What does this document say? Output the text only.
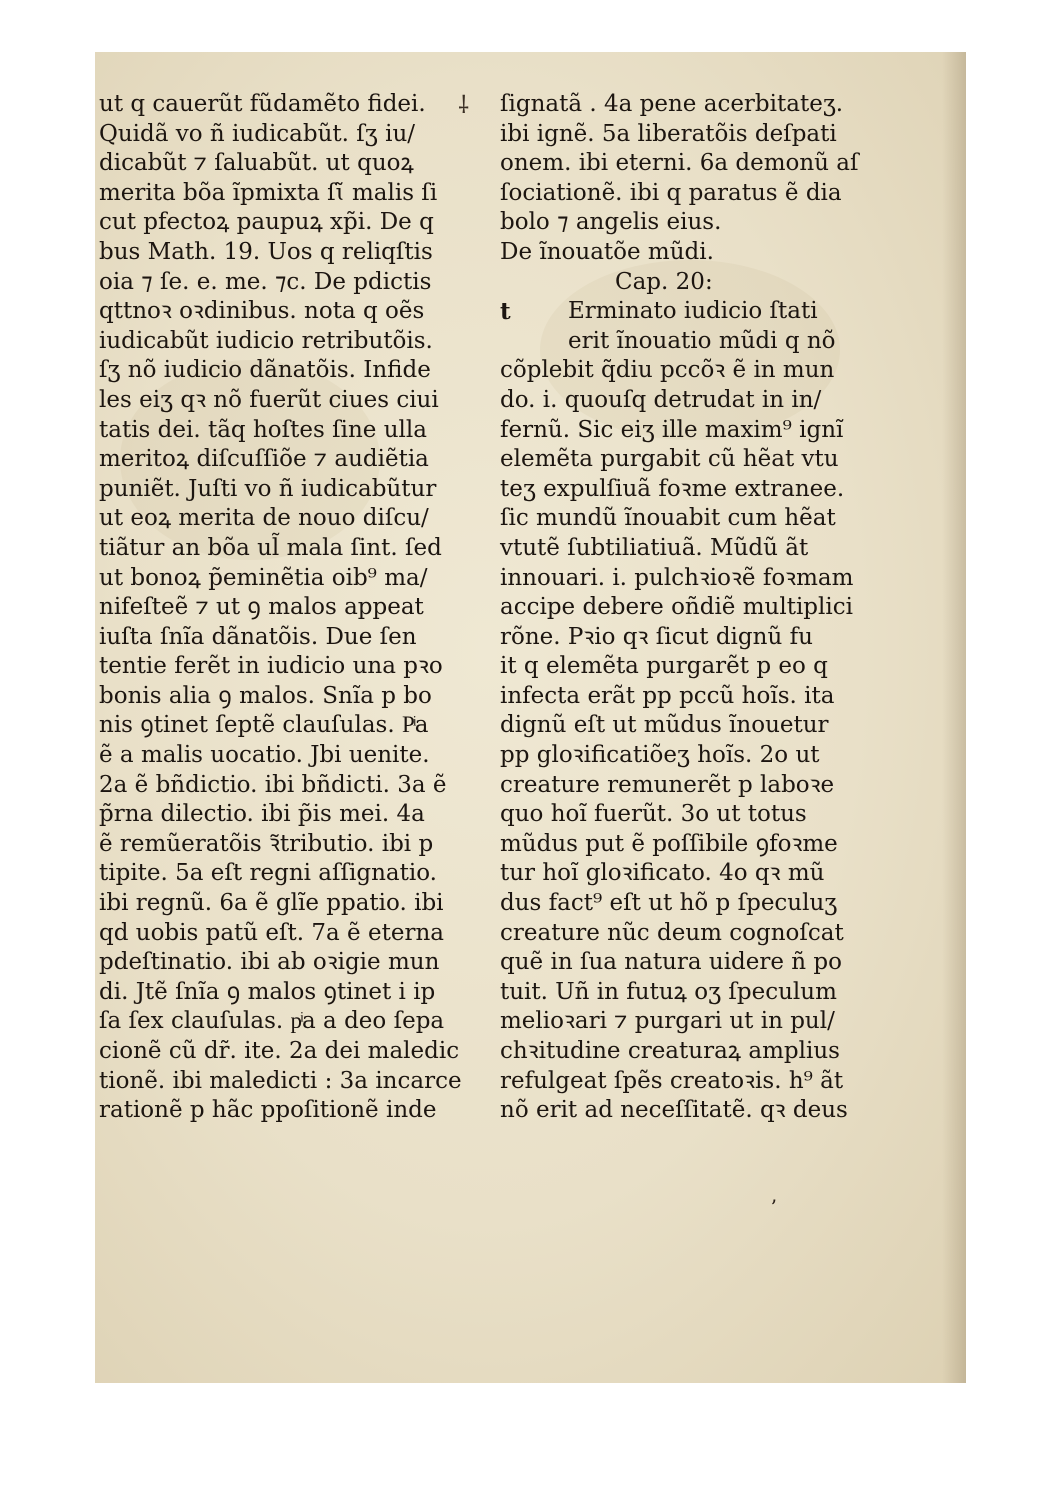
⸸
ut q cauerũt fũdamẽto fidei.
Quidã vo ñ iudicabũt. ſʒ iu/
dicabũt ⁊ ſaluabũt. ut quoꝝ
merita bõa ĩpmixta ſɩ̃ malis ſi
cut pfectoꝝ paupuꝝ xp̃i. De q
bus Math. 19. Uos q reliqſtis
oia ⁊ ſe. e. me. ⁊c. De pdictis
qttnoꝛ oꝛdinibus. nota q oẽs
iudicabũt iudicio retributõis.
ſʒ nõ iudicio dãnatõis. Infide
les eiʒ qꝛ nõ fuerũt ciues ciui
tatis dei. tãq hoſtes ſine ulla
meritoꝝ diſcuſſiõe ⁊ audiẽtia
puniẽt. Juſti vo ñ iudicabũtur
ut eoꝝ merita de nouo diſcu/
tiãtur an bõa ul̃ mala ſint. ſed
ut bonoꝝ p̃eminẽtia oib⁹ ma/
nifeſteẽ ⁊ ut ꝯ malos appeat
iuſta ſnĩa dãnatõis. Due ſen
tentie ferẽt in iudicio una pꝛo
bonis alia ꝯ malos. Snĩa p bo
nis ꝯtinet ſeptẽ clauſulas. Pͥa
ẽ a malis uocatio. Jbi uenite.
2a ẽ bñdictio. ibi bñdicti. 3a ẽ
p̃rna dilectio. ibi p̃is mei. 4a
ẽ remũeratõis ꝛ̃tributio. ibi p
tipite. 5a eſt regni aſſignatio.
ibi regnũ. 6a ẽ glĩe ppatio. ibi
qd uobis patũ eſt. 7a ẽ eterna
pdeſtinatio. ibi ab oꝛigie mun
di. Jtẽ ſnĩa ꝯ malos ꝯtinet i ip
ſa ſex clauſulas. pͥa a deo ſepa
cionẽ cũ dr̃. ite. 2a dei maledic
tionẽ. ibi maledicti : 3a incarce
rationẽ p hãc ppoſitionẽ inde
ſignatã . 4a pene acerbitateʒ.
ibi ignẽ. 5a liberatõis deſpati
onem. ibi eterni. 6a demonũ aſ
ſociationẽ. ibi q paratus ẽ dia
bolo ⁊ angelis eius.
De ĩnouatõe mũdi.
Cap. 20:
t	Erminato iudicio ſtati
erit ĩnouatio mũdi q nõ
cõplebit q̃diu pccõꝛ ẽ in mun
do. i. quouſq detrudat in in/
fernũ. Sic eiʒ ille maxim⁹ ignĩ
elemẽta purgabit cũ hẽat vtu
teʒ expulſiuã foꝛme extranee.
ſic mundũ ĩnouabit cum hẽat
vtutẽ ſubtiliatiuã. Mũdũ ãt
innouari. i. pulchꝛioꝛẽ foꝛmam
accipe debere oñdiẽ multiplici
rõne. Pꝛio qꝛ ſicut dignũ fu
it q elemẽta purgarẽt p eo q
infecta erãt pp pccũ hoĩs. ita
dignũ eſt ut mũdus ĩnouetur
pp gloꝛificatiõeʒ hoĩs. 2o ut
creature remunerẽt p laboꝛe
quo hoĩ fuerũt. 3o ut totus
mũdus put ẽ poſſibile ꝯfoꝛme
tur hoĩ gloꝛificato. 4o qꝛ mũ
dus fact⁹ eſt ut hõ p ſpeculuʒ
creature nũc deum cognoſcat
quẽ in ſua natura uidere ñ po
tuit. Uñ in futuꝝ oʒ ſpeculum
melioꝛari ⁊ purgari ut in pul/
chꝛitudine creaturaꝝ amplius
refulgeat ſpẽs creatoꝛis. h⁹ ãt
nõ erit ad neceſſitatẽ. qꝛ deus
ʼ
